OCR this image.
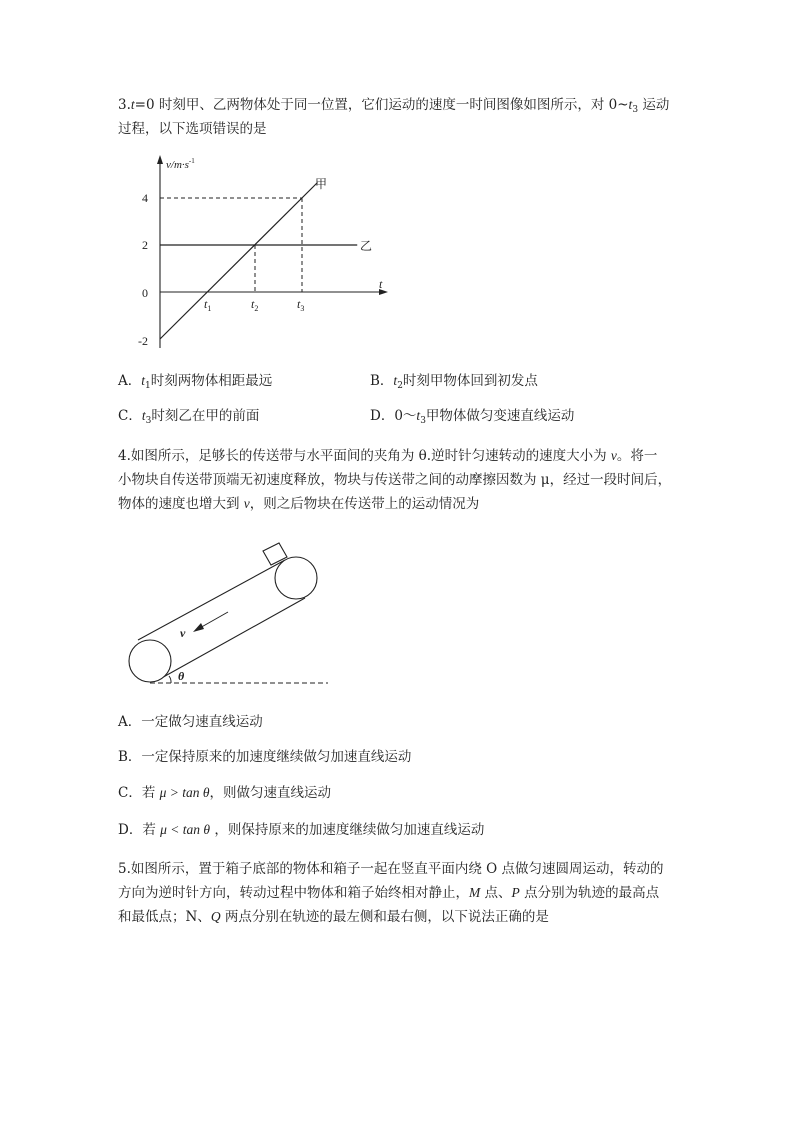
3.t=0 时刻甲、乙两物体处于同一位置，它们运动的速度一时间图像如图所示，对 $0\sim t_3$ 运动
过程，以下选项错误的是
$v/m\cdot s^{-1}$
t
4
2
0
-2
甲
乙
$t_1$	$t_2$	$t_3$
A．$t_1$时刻两物体相距最远	B．$t_2$时刻甲物体回到初发点
C．$t_3$时刻乙在甲的前面	D．$0\sim t_3$甲物体做匀变速直线运动
4.如图所示，足够长的传送带与水平面间的夹角为 θ.逆时针匀速转动的速度大小为 v。将一
小物块自传送带顶端无初速度释放，物块与传送带之间的动摩擦因数为 μ，经过一段时间后，
物体的速度也增大到 v，则之后物块在传送带上的运动情况为
v
θ
A．一定做匀速直线运动
B．一定保持原来的加速度继续做匀加速直线运动
C．若 μ > tan θ，则做匀速直线运动
D．若 μ < tan θ ，则保持原来的加速度继续做匀加速直线运动
5.如图所示，置于箱子底部的物体和箱子一起在竖直平面内绕 O 点做匀速圆周运动，转动的
方向为逆时针方向，转动过程中物体和箱子始终相对静止，M 点、P 点分别为轨迹的最高点
和最低点；N、Q 两点分别在轨迹的最左侧和最右侧，以下说法正确的是
